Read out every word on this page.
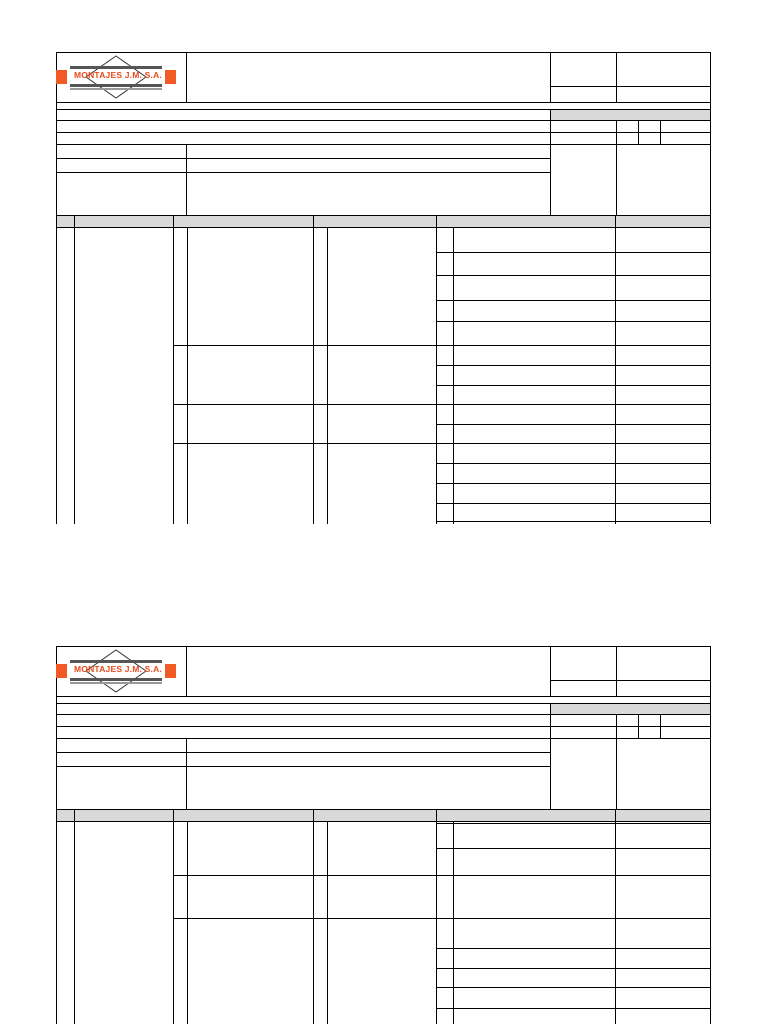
MONTAJES J.M. S.A.
MONTAJES J.M. S.A.
